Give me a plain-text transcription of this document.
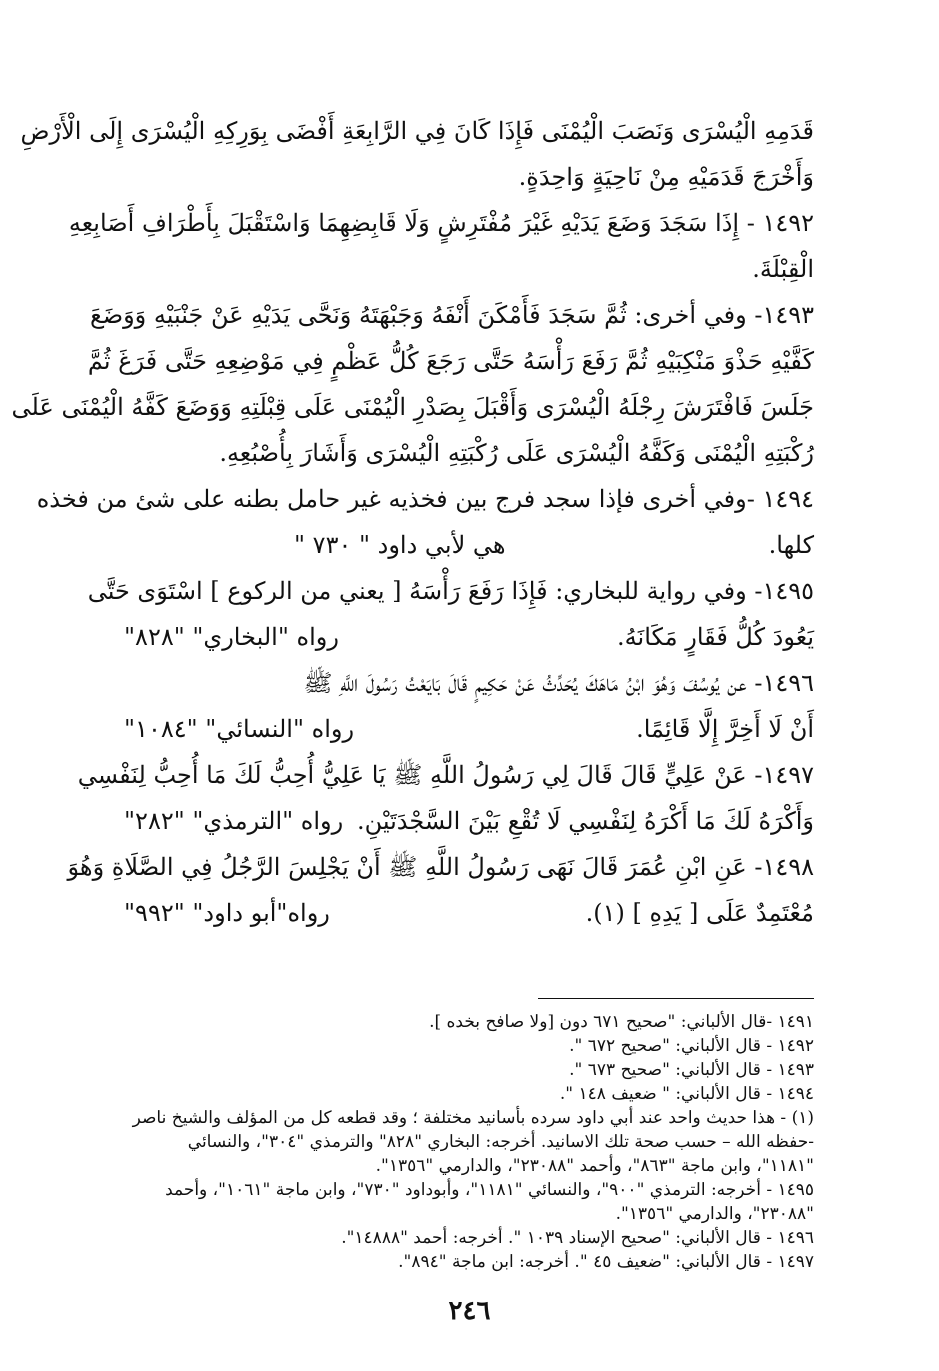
قَدَمِهِ الْيُسْرَى وَنَصَبَ الْيُمْنَى فَإِذَا كَانَ فِي الرَّابِعَةِ أَفْضَى بِوَرِكِهِ الْيُسْرَى إِلَى الْأَرْضِ
وَأَخْرَجَ قَدَمَيْهِ مِنْ نَاحِيَةٍ وَاحِدَةٍ.
١٤٩٢ - إِذَا سَجَدَ وَضَعَ يَدَيْهِ غَيْرَ مُفْتَرِشٍ وَلَا قَابِضِهِمَا وَاسْتَقْبَلَ بِأَطْرَافِ أَصَابِعِهِ
الْقِبْلَةَ.
١٤٩٣- وفي أخرى: ثُمَّ سَجَدَ فَأَمْكَنَ أَنْفَهُ وَجَبْهَتَهُ وَنَحَّى يَدَيْهِ عَنْ جَنْبَيْهِ وَوَضَعَ
كَفَّيْهِ حَذْوَ مَنْكِبَيْهِ ثُمَّ رَفَعَ رَأْسَهُ حَتَّى رَجَعَ كُلُّ عَظْمٍ فِي مَوْضِعِهِ حَتَّى فَرَغَ ثُمَّ
جَلَسَ فَافْتَرَشَ رِجْلَهُ الْيُسْرَى وَأَقْبَلَ بِصَدْرِ الْيُمْنَى عَلَى قِبْلَتِهِ وَوَضَعَ كَفَّهُ الْيُمْنَى عَلَى
رُكْبَتِهِ الْيُمْنَى وَكَفَّهُ الْيُسْرَى عَلَى رُكْبَتِهِ الْيُسْرَى وَأَشَارَ بِأُصْبُعِهِ.
١٤٩٤ -وفي أخرى فإذا سجد فرج بين فخذيه غير حامل بطنه على شئ من فخذه
كلها.
هي لأبي داود " ٧٣٠ "
١٤٩٥- وفي رواية للبخاري: فَإِذَا رَفَعَ رَأْسَهُ [ يعني من الركوع ] اسْتَوَى حَتَّى
يَعُودَ كُلُّ فَقَارٍ مَكَانَهُ.
رواه "البخاري" "٨٢٨"
١٤٩٦- عن يُوسُفَ وَهُوَ ابْنُ مَاهَكَ يُحَدِّثُ عَنْ حَكِيمٍ قَالَ بَايَعْتُ رَسُولَ اللَّهِ ﷺ
أَنْ لَا أَخِرَّ إِلَّا قَائِمًا.
رواه "النسائي" "١٠٨٤"
١٤٩٧- عَنْ عَلِيٍّ قَالَ قَالَ لِي رَسُولُ اللَّهِ ﷺ يَا عَلِيُّ أُحِبُّ لَكَ مَا أُحِبُّ لِنَفْسِي
وَأَكْرَهُ لَكَ مَا أَكْرَهُ لِنَفْسِي لَا تُقْعِ بَيْنَ السَّجْدَتَيْنِ.
رواه "الترمذي" "٢٨٢"
١٤٩٨- عَنِ ابْنِ عُمَرَ قَالَ نَهَى رَسُولُ اللَّهِ ﷺ أَنْ يَجْلِسَ الرَّجُلُ فِي الصَّلَاةِ وَهُوَ
مُعْتَمِدٌ عَلَى [ يَدِهِ ] (١).
رواه"أبو داود" "٩٩٢"
١٤٩١ -قال الألباني: "صحيح ٦٧١ دون [ولا صافح بخده ].
١٤٩٢ - قال الألباني: "صحيح ٦٧٢ ".
١٤٩٣ - قال الألباني: "صحيح ٦٧٣ ".
١٤٩٤ - قال الألباني: " ضعيف ١٤٨ ".
(١) - هذا حديث واحد عند أبي داود سرده بأسانيد مختلفة ؛ وقد قطعه كل من المؤلف والشيخ ناصر
-حفظه الله – حسب صحة تلك الاسانيد. أخرجه: البخاري "٨٢٨" والترمذي "٣٠٤"، والنسائي
"١١٨١"، وابن ماجة "٨٦٣"، وأحمد "٢٣٠٨٨"، والدارمي "١٣٥٦".
١٤٩٥ - أخرجه: الترمذي "٩٠٠"، والنسائي "١١٨١"، وأبوداود "٧٣٠"، وابن ماجة "١٠٦١"، وأحمد
"٢٣٠٨٨"، والدارمي "١٣٥٦".
١٤٩٦ - قال الألباني: "صحيح الإسناد ١٠٣٩ ". أخرجه: أحمد "١٤٨٨٨".
١٤٩٧ - قال الألباني: "ضعيف ٤٥ ". أخرجه: ابن ماجة "٨٩٤".
٢٤٦
